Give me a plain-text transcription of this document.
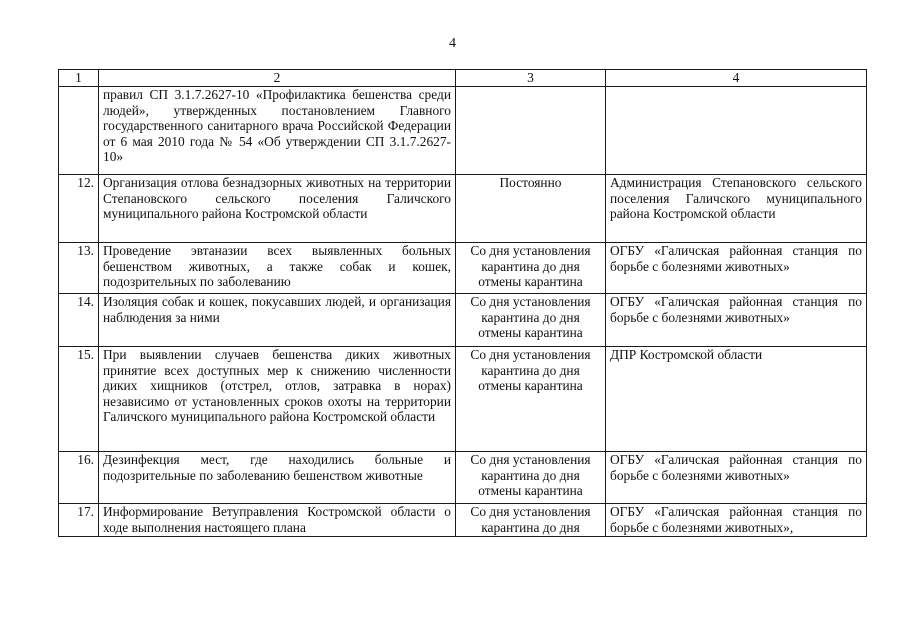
4
1	2	3	4
	правил СП 3.1.7.2627-10 «Профилактика бешенства среди людей», утвержденных постановлением Главного государственного санитарного врача Российской Федерации от 6 мая 2010 года № 54 «Об утверждении СП 3.1.7.2627-10»		
12.	Организация отлова безнадзорных животных на территории Степановского сельского поселения Галичского муниципального района Костромской области	Постоянно	Администрация Степановского сельского поселения Галичского муниципального района Костромской области
13.	Проведение эвтаназии всех выявленных больных бешенством животных, а также собак и кошек, подозрительных по заболеванию	Со дня установления карантина до дня отмены карантина	ОГБУ «Галичская районная станция по борьбе с болезнями животных»
14.	Изоляция собак и кошек, покусавших людей, и организация наблюдения за ними	Со дня установления карантина до дня отмены карантина	ОГБУ «Галичская районная станция по борьбе с болезнями животных»
15.	При выявлении случаев бешенства диких животных принятие всех доступных мер к снижению численности диких хищников (отстрел, отлов, затравка в норах) независимо от установленных сроков охоты на территории Галичского муниципального района Костромской области	Со дня установления карантина до дня отмены карантина	ДПР Костромской области
16.	Дезинфекция мест, где находились больные и подозрительные по заболеванию бешенством животные	Со дня установления карантина до дня отмены карантина	ОГБУ «Галичская районная станция по борьбе с болезнями животных»
17.	Информирование Ветуправления Костромской области о ходе выполнения настоящего плана	Со дня установления карантина до дня	ОГБУ «Галичская районная станция по борьбе с болезнями животных»,
